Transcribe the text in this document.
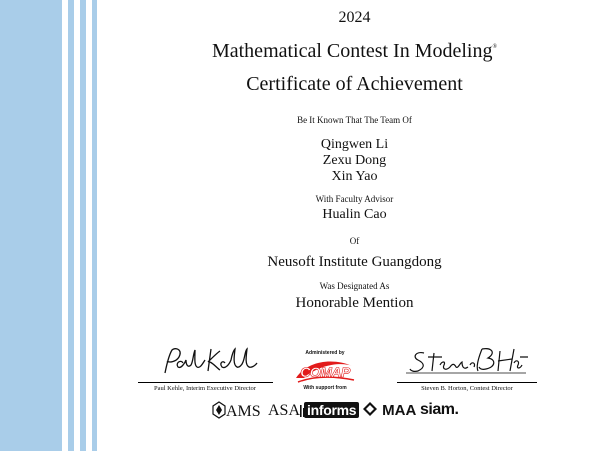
2024
Mathematical Contest In Modeling®
Certificate of Achievement
Be It Known That The Team Of
Qingwen Li
Zexu Dong
Xin Yao
With Faculty Advisor
Hualin Cao
Of
Neusoft Institute Guangdong
Was Designated As
Honorable Mention
Paul Kehle, Interim Executive Director
Administered by
COMAP
With support from	Steven B. Horton, Contest Director
AMS ASA informs	MAA siam.
